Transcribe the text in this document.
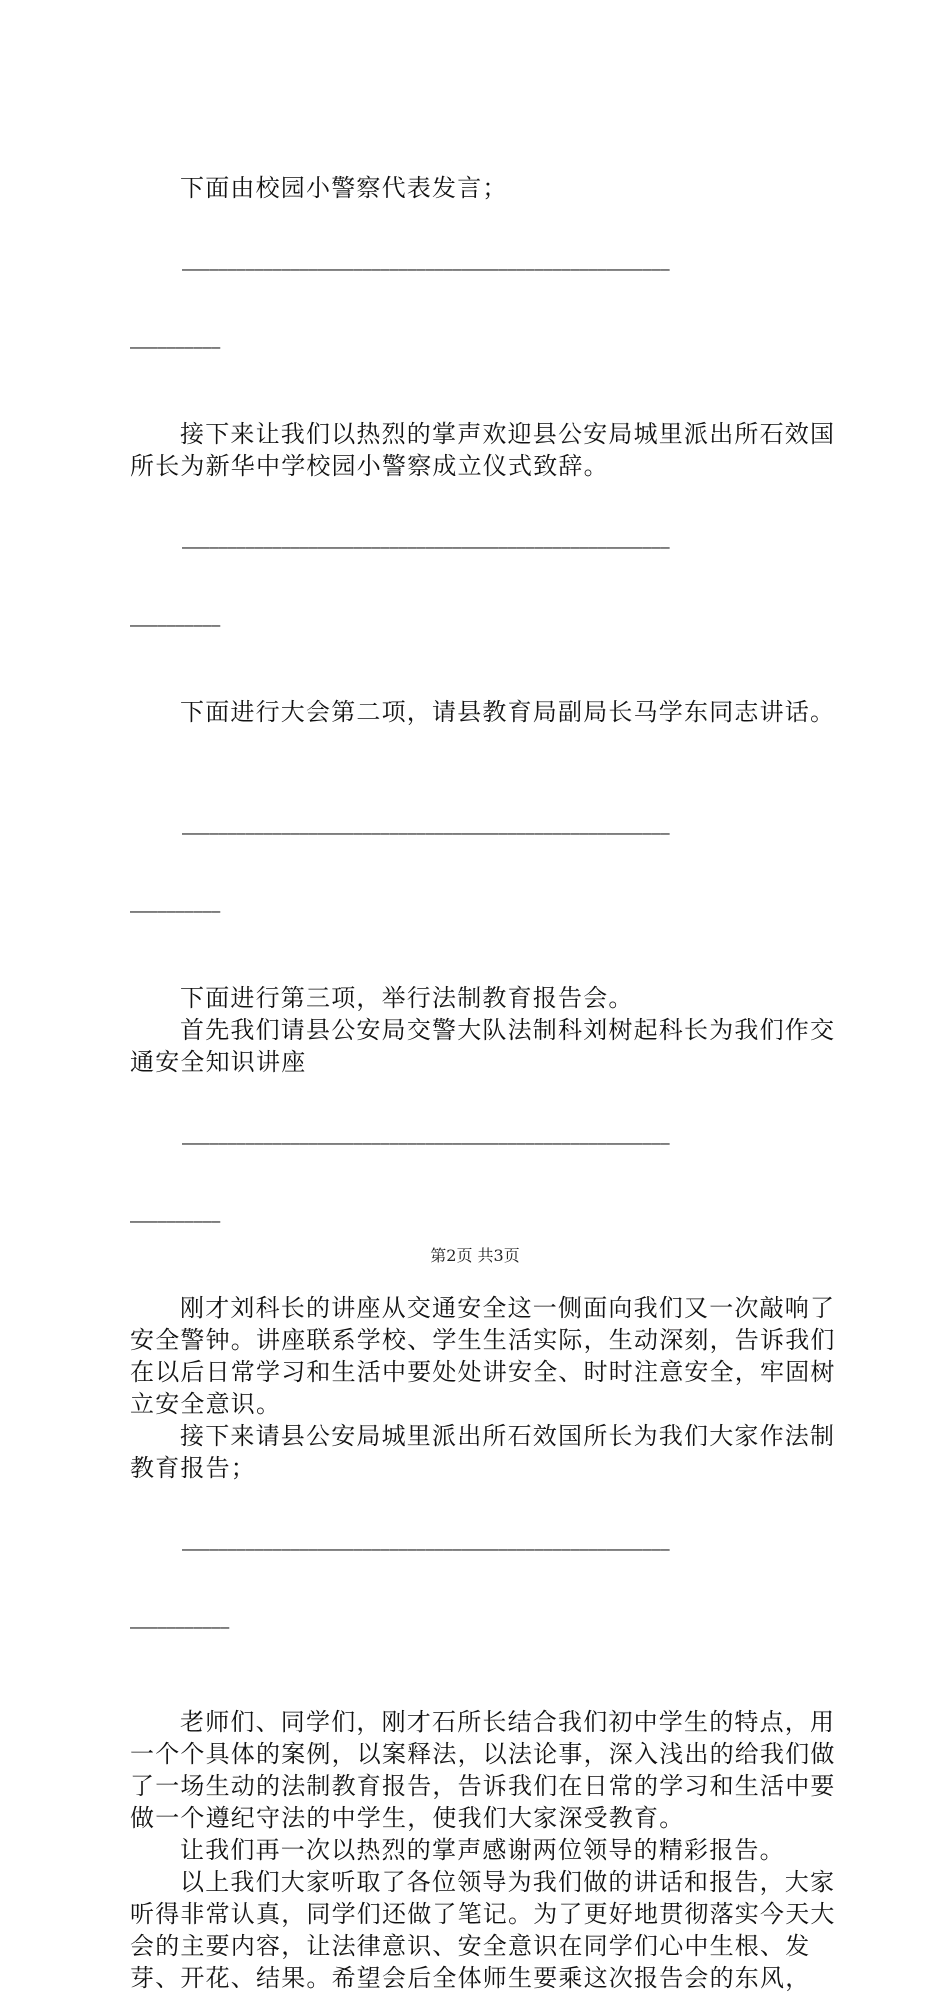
下面由校园小警察代表发言；

——————————————————————————————————————————————————————

——————————

接下来让我们以热烈的掌声欢迎县公安局城里派出所石效国所长为新华中学校园小警察成立仪式致辞。

——————————————————————————————————————————————————————

——————————

下面进行大会第二项，请县教育局副局长马学东同志讲话。

——————————————————————————————————————————————————————

——————————

下面进行第三项，举行法制教育报告会。

首先我们请县公安局交警大队法制科刘树起科长为我们作交通安全知识讲座

——————————————————————————————————————————————————————

——————————

刚才刘科长的讲座从交通安全这一侧面向我们又一次敲响了安全警钟。讲座联系学校、学生生活实际，生动深刻，告诉我们在以后日常学习和生活中要处处讲安全、时时注意安全，牢固树立安全意识。

接下来请县公安局城里派出所石效国所长为我们大家作法制教育报告；

——————————————————————————————————————————————————————

———————————

老师们、同学们，刚才石所长结合我们初中学生的特点，用一个个具体的案例，以案释法，以法论事，深入浅出的给我们做了一场生动的法制教育报告，告诉我们在日常的学习和生活中要做一个遵纪守法的中学生，使我们大家深受教育。

让我们再一次以热烈的掌声感谢两位领导的精彩报告。

以上我们大家听取了各位领导为我们做的讲话和报告，大家听得非常认真，同学们还做了笔记。为了更好地贯彻落实今天大会的主要内容，让法律意识、安全意识在同学们心中生根、发芽、开花、结果。希望会后全体师生要乘这次报告会的东风，

第2页 共3页
